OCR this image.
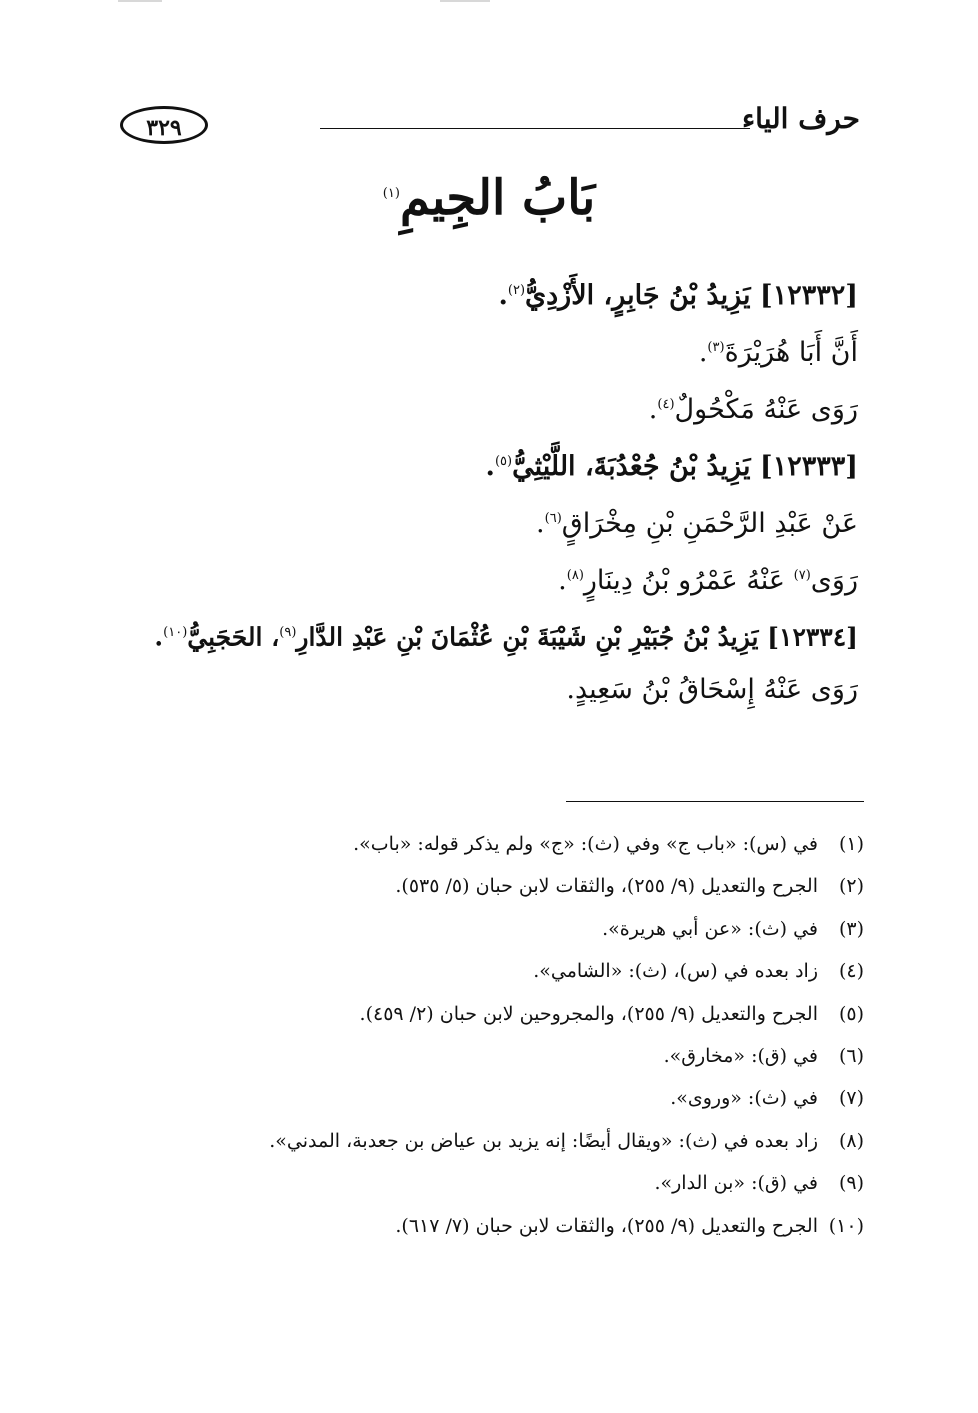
حرف الياء
٣٢٩
بَابُ الجِيمِ$^{(١)}$
[١٢٣٣٢] يَزِيدُ بْنُ جَابِرٍ، الأَزْدِيُّ$^{(٢)}$.
أَنَّ أَبَا هُرَيْرَةَ$^{(٣)}$.
رَوَى عَنْهُ مَكْحُولٌ$^{(٤)}$.
[١٢٣٣٣] يَزِيدُ بْنُ جُعْدُبَةَ، اللَّيْثِيُّ$^{(٥)}$.
عَنْ عَبْدِ الرَّحْمَنِ بْنِ مِخْرَاقٍ$^{(٦)}$.
رَوَى$^{(٧)}$ عَنْهُ عَمْرُو بْنُ دِينَارٍ$^{(٨)}$.
[١٢٣٣٤] يَزِيدُ بْنُ جُبَيْرِ بْنِ شَيْبَةَ بْنِ عُثْمَانَ بْنِ عَبْدِ الدَّارِ$^{(٩)}$، الحَجَبِيُّ$^{(١٠)}$.
رَوَى عَنْهُ إِسْحَاقُ بْنُ سَعِيدٍ.
(١)في (س): «باب ج» وفي (ث): «ج» ولم يذكر قوله: «باب».
(٢)الجرح والتعديل (٩/ ٢٥٥)، والثقات لابن حبان (٥/ ٥٣٥).
(٣)في (ث): «عن أبي هريرة».
(٤)زاد بعده في (س)، (ث): «الشامي».
(٥)الجرح والتعديل (٩/ ٢٥٥)، والمجروحين لابن حبان (٢/ ٤٥٩).
(٦)في (ق): «مخارق».
(٧)في (ث): «وروى».
(٨)زاد بعده في (ث): «ويقال أيضًا: إنه يزيد بن عياض بن جعدبة، المدني».
(٩)في (ق): «بن الدار».
(١٠)الجرح والتعديل (٩/ ٢٥٥)، والثقات لابن حبان (٧/ ٦١٧).
